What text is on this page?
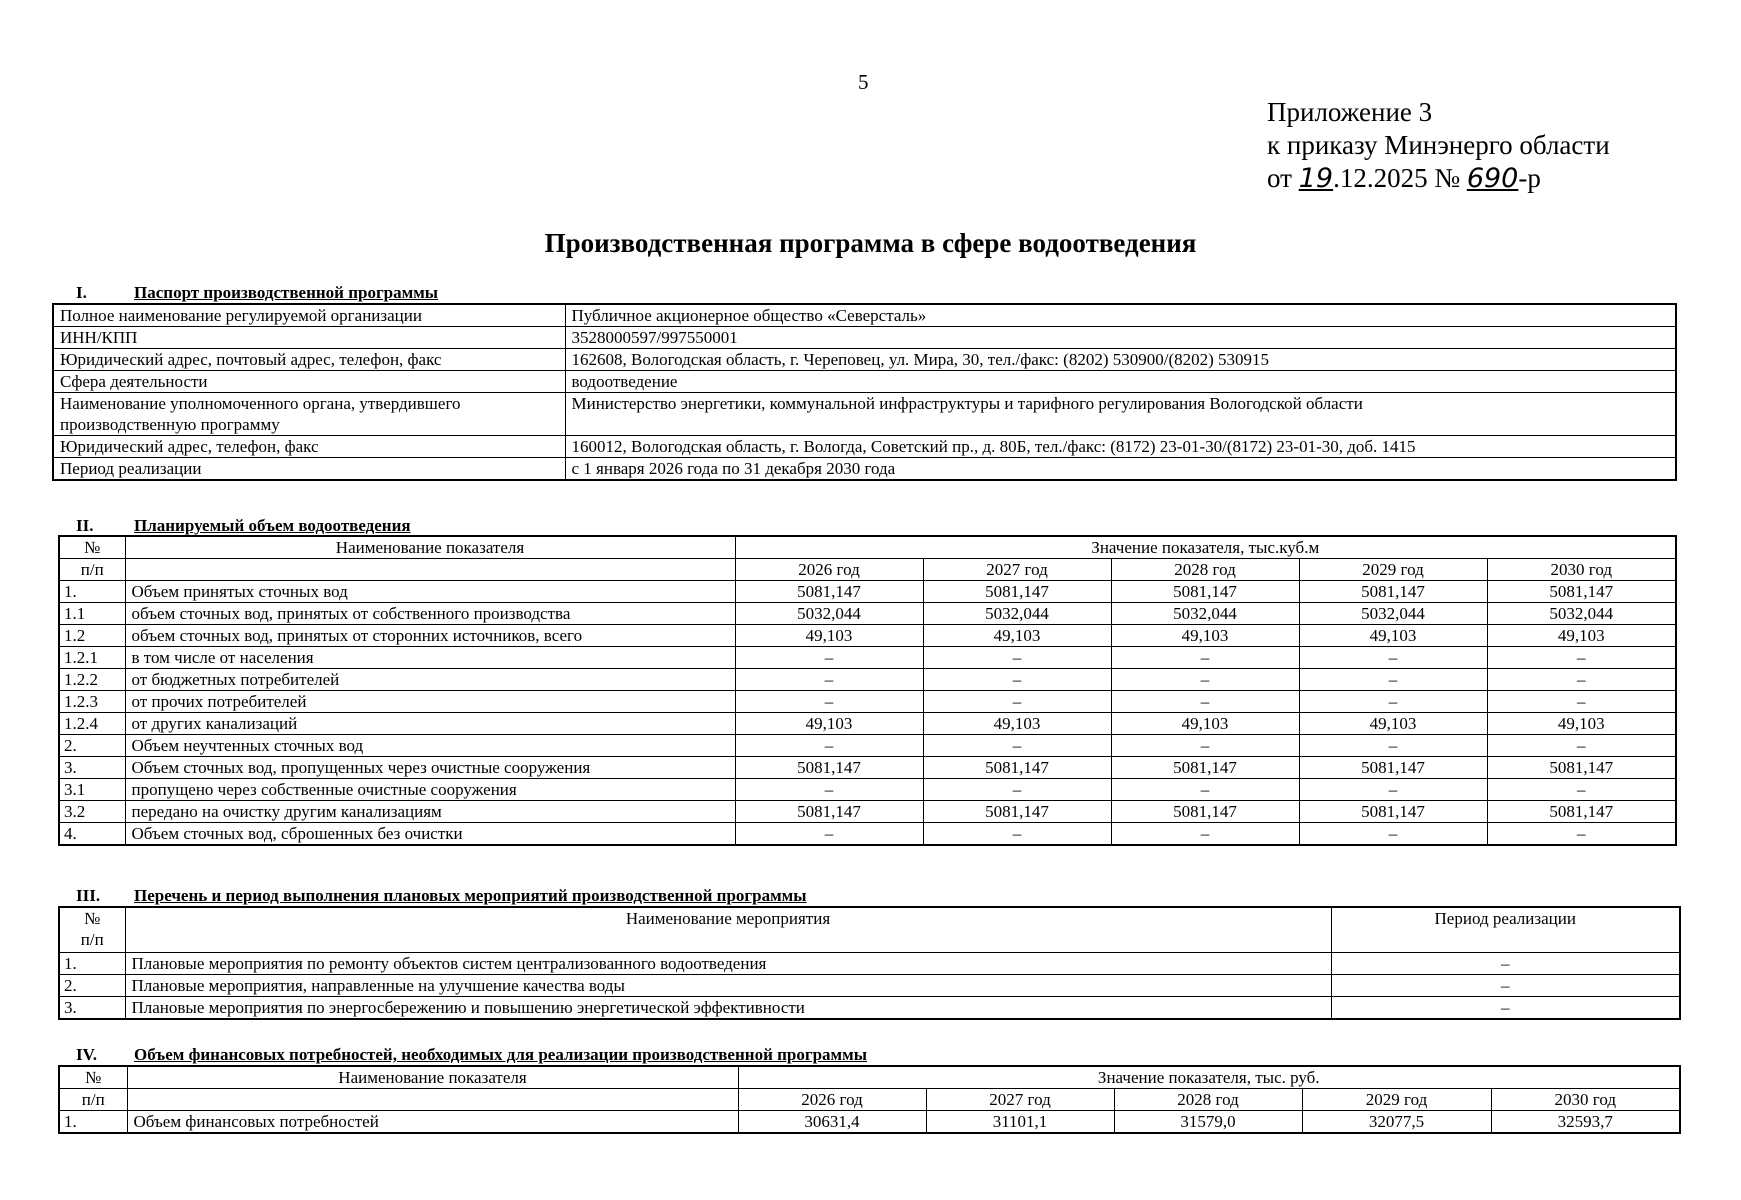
5
Приложение 3
к приказу Минэнерго области
от 19.12.2025 № 690-р
Производственная программа в сфере водоотведения
I.	Паспорт производственной программы
Полное наименование регулируемой организации	Публичное акционерное общество «Северсталь»
ИНН/КПП	3528000597/997550001
Юридический адрес, почтовый адрес, телефон, факс	162608, Вологодская область, г. Череповец, ул. Мира, 30, тел./факс: (8202) 530900/(8202) 530915
Сфера деятельности	водоотведение
Наименование уполномоченного органа, утвердившего производственную программу	Министерство энергетики, коммунальной инфраструктуры и тарифного регулирования Вологодской области
Юридический адрес, телефон, факс	160012, Вологодская область, г. Вологда, Советский пр., д. 80Б, тел./факс: (8172) 23-01-30/(8172) 23-01-30, доб. 1415
Период реализации	с 1 января 2026 года по 31 декабря 2030 года
II. Планируемый объем водоотведения
№	Наименование показателя	Значение показателя, тыс.куб.м				
п/п		2026 год	2027 год	2028 год	2029 год	2030 год
1.	Объем принятых сточных вод	5081,147	5081,147	5081,147	5081,147	5081,147
1.1	объем сточных вод, принятых от собственного производства	5032,044	5032,044	5032,044	5032,044	5032,044
1.2	объем сточных вод, принятых от сторонних источников, всего	49,103	49,103	49,103	49,103	49,103
1.2.1	в том числе от населения	–	–	–	–	–
1.2.2	от бюджетных потребителей	–	–	–	–	–
1.2.3	от прочих потребителей	–	–	–	–	–
1.2.4	от других канализаций	49,103	49,103	49,103	49,103	49,103
2.	Объем неучтенных сточных вод	–	–	–	–	–
3.	Объем сточных вод, пропущенных через очистные сооружения	5081,147	5081,147	5081,147	5081,147	5081,147
3.1	пропущено через собственные очистные сооружения	–	–	–	–	–
3.2	передано на очистку другим канализациям	5081,147	5081,147	5081,147	5081,147	5081,147
4.	Объем сточных вод, сброшенных без очистки	–	–	–	–	–
III. Перечень и период выполнения плановых мероприятий производственной программы
№
п/п	Наименование мероприятия	Период реализации
1.	Плановые мероприятия по ремонту объектов систем централизованного водоотведения	–
2.	Плановые мероприятия, направленные на улучшение качества воды	–
3.	Плановые мероприятия по энергосбережению и повышению энергетической эффективности	–
IV. Объем финансовых потребностей, необходимых для реализации производственной программы
№	Наименование показателя	Значение показателя, тыс. руб.				
п/п		2026 год	2027 год	2028 год	2029 год	2030 год
1.	Объем финансовых потребностей	30631,4	31101,1	31579,0	32077,5	32593,7
